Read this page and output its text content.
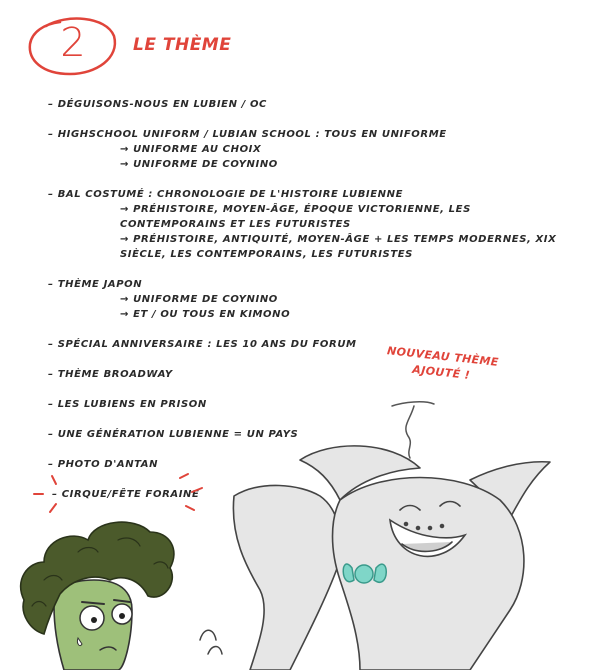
2	LE THÈME
– DÉGUISONS-NOUS EN LUBIEN / OC
– HIGHSCHOOL UNIFORM / LUBIAN SCHOOL : TOUS EN UNIFORME
→ UNIFORME AU CHOIX
→ UNIFORME DE COYNINO
– BAL COSTUMÉ : CHRONOLOGIE DE L'HISTOIRE LUBIENNE
→ PRÉHISTOIRE, MOYEN-ÂGE, ÉPOQUE VICTORIENNE, LES CONTEMPORAINS ET LES FUTURISTES
→ PRÉHISTOIRE, ANTIQUITÉ, MOYEN-ÂGE + LES TEMPS MODERNES, XIX SIÈCLE, LES CONTEMPORAINS, LES FUTURISTES
– THÈME JAPON
→ UNIFORME DE COYNINO
→ ET / OU TOUS EN KIMONO
– SPÉCIAL ANNIVERSAIRE : LES 10 ANS DU FORUM
– THÈME BROADWAY
– LES LUBIENS EN PRISON
– UNE GÉNÉRATION LUBIENNE = UN PAYS
– PHOTO D'ANTAN
– CIRQUE/FÊTE FORAINE
NOUVEAU THÈME AJOUTÉ !
